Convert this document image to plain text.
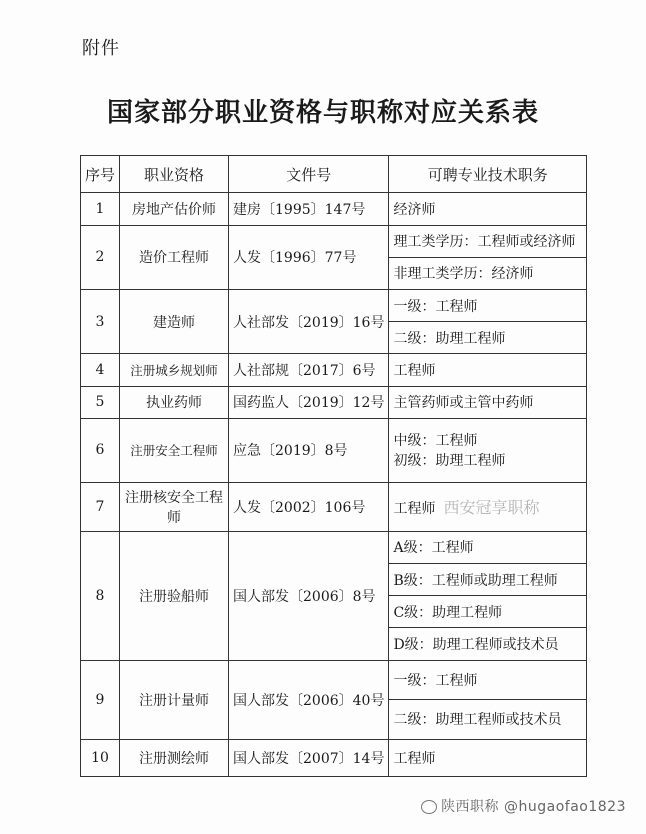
附件
国家部分职业资格与职称对应关系表
序号	职业资格	文件号	可聘专业技术职务
1	房地产估价师	建房〔1995〕147号	经济师
2	造价工程师	人发〔1996〕77号	理工类学历：工程师或经济师
			非理工类学历：经济师
3	建造师	人社部发〔2019〕16号	一级：工程师
			二级：助理工程师
4	注册城乡规划师	人社部规〔2017〕6号	工程师
5	执业药师	国药监人〔2019〕12号	主管药师或主管中药师
6	注册安全工程师	应急〔2019〕8号	中级：工程师
初级：助理工程师

7	注册核安全工程师	人发〔2002〕106号	工程师 西安冠享职称
8	注册验船师	国人部发〔2006〕8号	A级：工程师
			B级：工程师或助理工程师
			C级：助理工程师
			D级：助理工程师或技术员
9	注册计量师	国人部发〔2006〕40号	一级：工程师
			二级：助理工程师或技术员
10	注册测绘师	国人部发〔2007〕14号	工程师
陕西职称 @hugaofao1823
